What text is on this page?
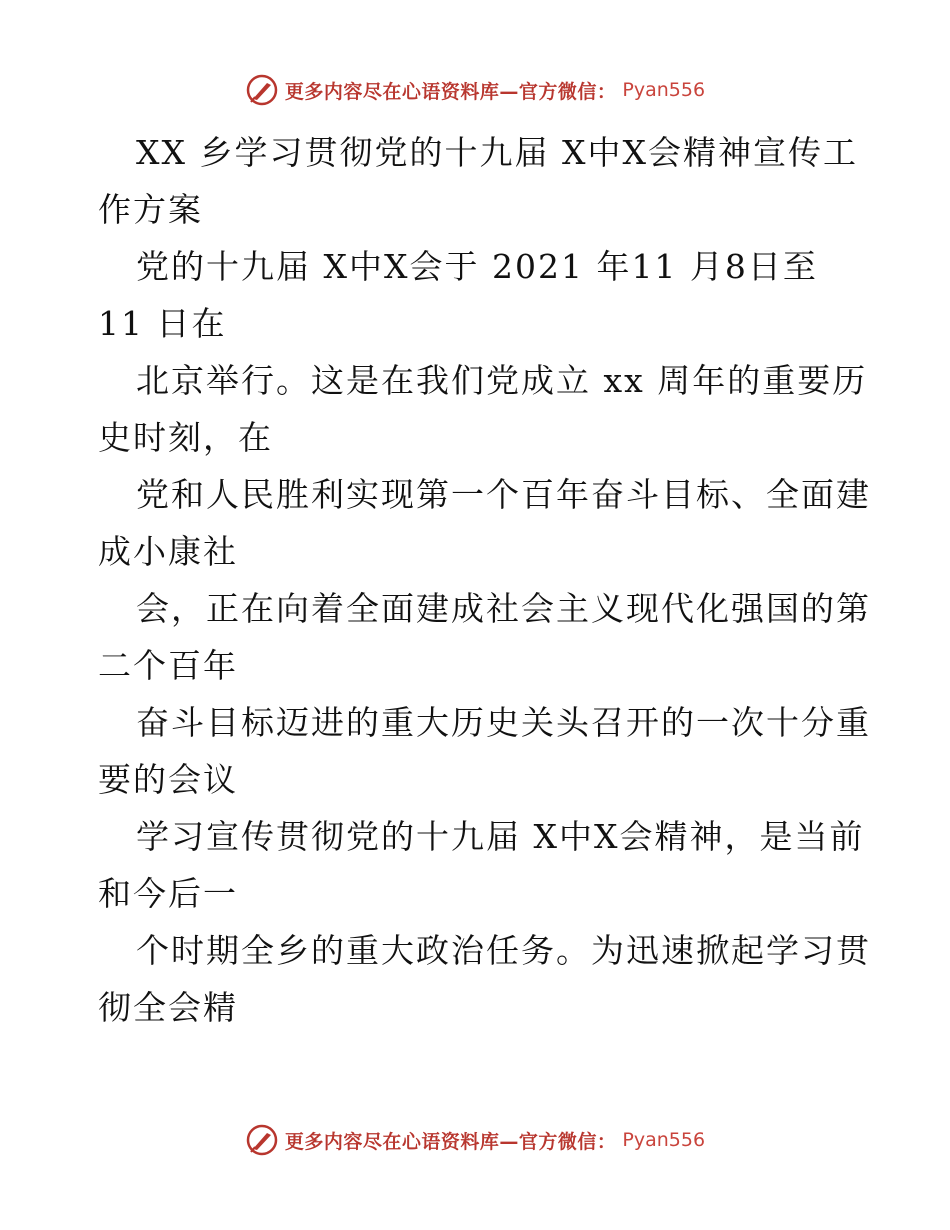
更多内容尽在心语资料库—官方微信： Pyan556

XX 乡学习贯彻党的十九届 X中X会精神宣传工

作方案

党的十九届 X中X会于 2021 年11 月8日至

11 日在

北京举行。这是在我们党成立 xx 周年的重要历

史时刻，在

党和人民胜利实现第一个百年奋斗目标、全面建

成小康社

会，正在向着全面建成社会主义现代化强国的第

二个百年

奋斗目标迈进的重大历史关头召开的一次十分重

要的会议

学习宣传贯彻党的十九届 X中X会精神，是当前

和今后一

个时期全乡的重大政治任务。为迅速掀起学习贯

彻全会精

更多内容尽在心语资料库—官方微信： Pyan556
